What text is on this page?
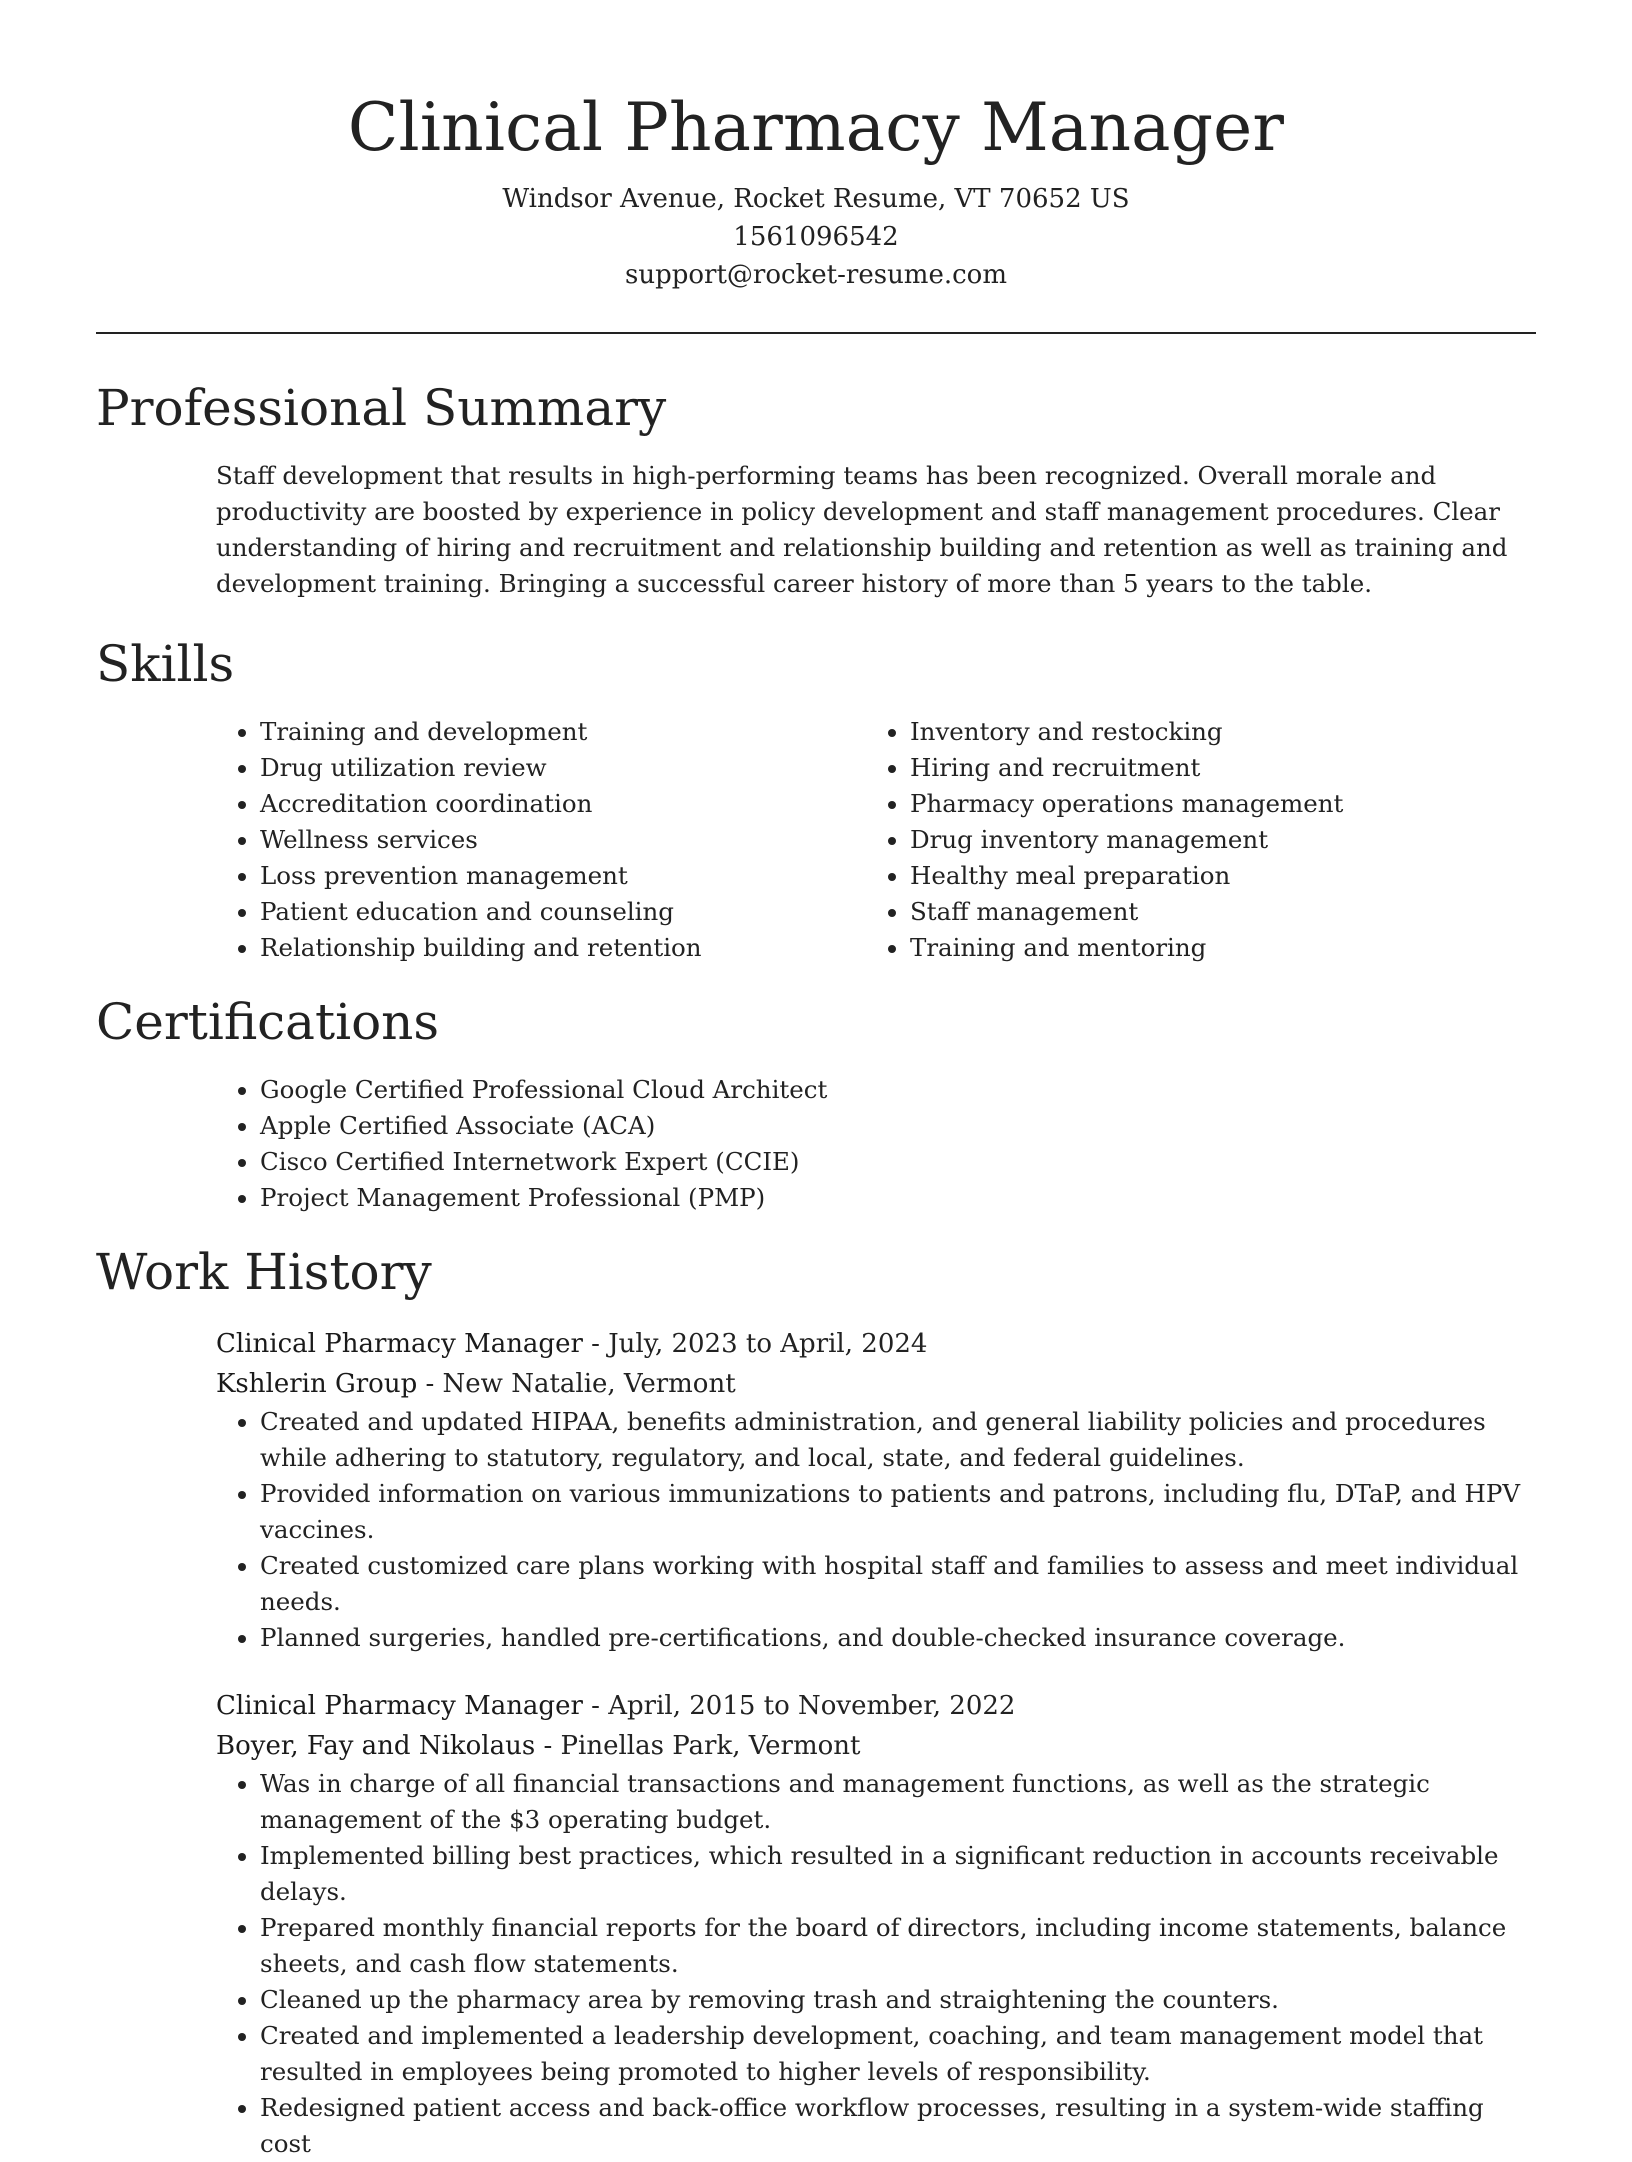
Clinical Pharmacy Manager
Windsor Avenue, Rocket Resume, VT 70652 US
1561096542
support@rocket-resume.com
Professional Summary
Staff development that results in high-performing teams has been recognized. Overall morale and productivity are boosted by experience in policy development and staff management procedures. Clear understanding of hiring and recruitment and relationship building and retention as well as training and development training. Bringing a successful career history of more than 5 years to the table.
Skills
• Training and development
• Drug utilization review
• Accreditation coordination
• Wellness services
• Loss prevention management
• Patient education and counseling
• Relationship building and retention
• Inventory and restocking
• Hiring and recruitment
• Pharmacy operations management
• Drug inventory management
• Healthy meal preparation
• Staff management
• Training and mentoring
Certifications
• Google Certified Professional Cloud Architect
• Apple Certified Associate (ACA)
• Cisco Certified Internetwork Expert (CCIE)
• Project Management Professional (PMP)
Work History
Clinical Pharmacy Manager - July, 2023 to April, 2024
Kshlerin Group - New Natalie, Vermont
• Created and updated HIPAA, benefits administration, and general liability policies and procedures while adhering to statutory, regulatory, and local, state, and federal guidelines.
• Provided information on various immunizations to patients and patrons, including flu, DTaP, and HPV vaccines.
• Created customized care plans working with hospital staff and families to assess and meet individual needs.
• Planned surgeries, handled pre-certifications, and double-checked insurance coverage.
Clinical Pharmacy Manager - April, 2015 to November, 2022
Boyer, Fay and Nikolaus - Pinellas Park, Vermont
• Was in charge of all financial transactions and management functions, as well as the strategic management of the $3 operating budget.
• Implemented billing best practices, which resulted in a significant reduction in accounts receivable delays.
• Prepared monthly financial reports for the board of directors, including income statements, balance sheets, and cash flow statements.
• Cleaned up the pharmacy area by removing trash and straightening the counters.
• Created and implemented a leadership development, coaching, and team management model that resulted in employees being promoted to higher levels of responsibility.
• Redesigned patient access and back-office workflow processes, resulting in a system-wide staffing cost
